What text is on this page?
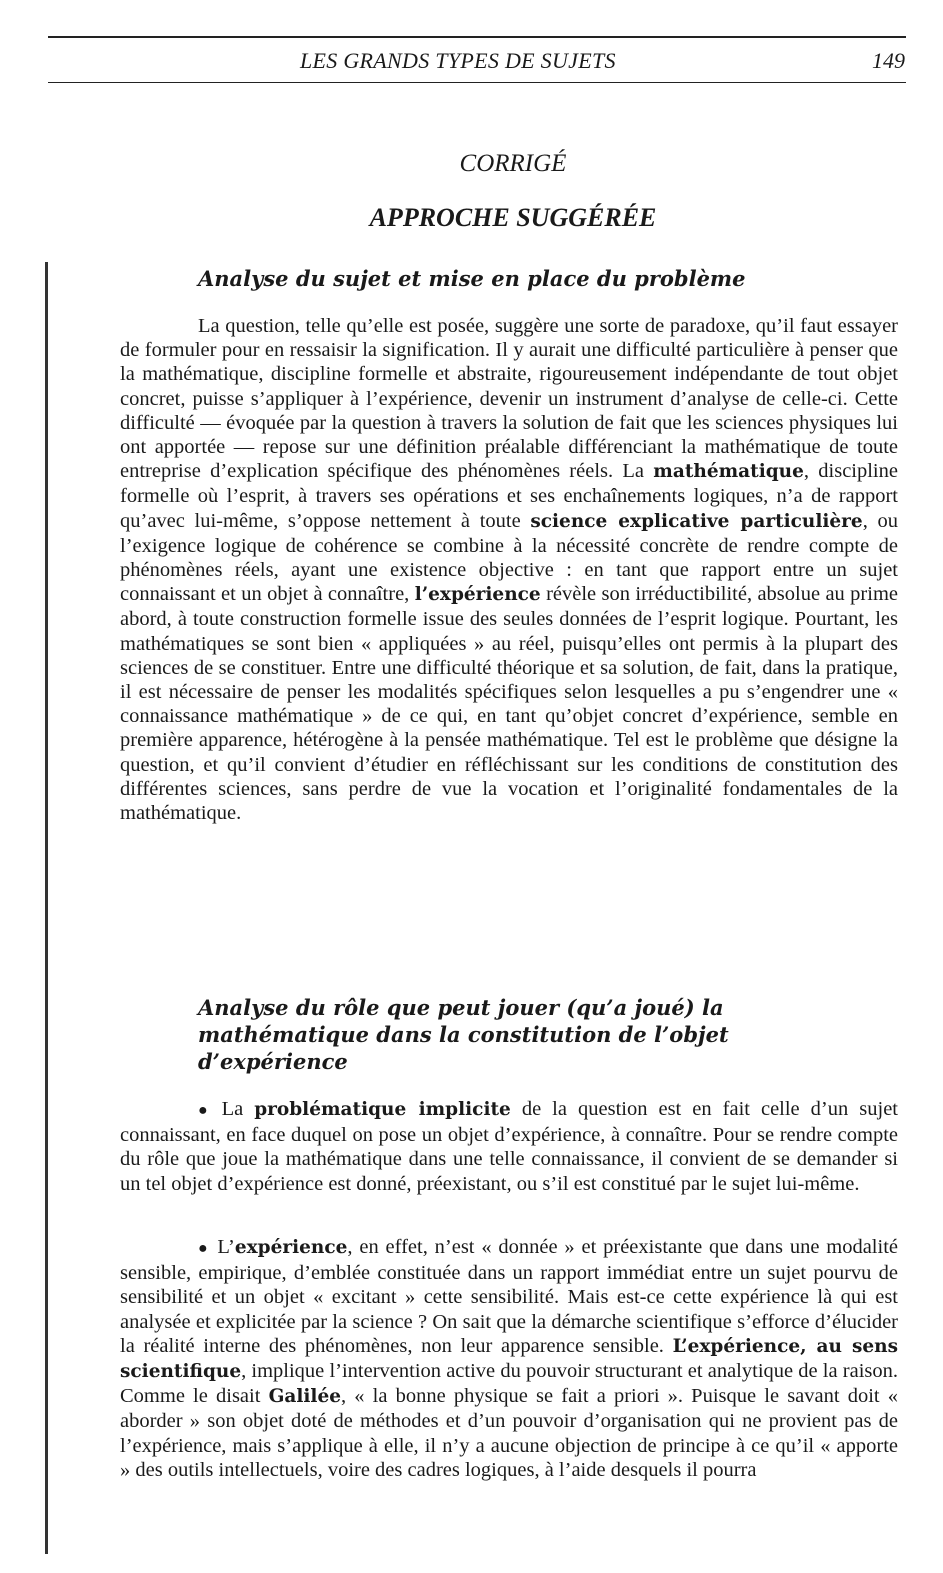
LES GRANDS TYPES DE SUJETS	149
CORRIGÉ
APPROCHE SUGGÉRÉE
Analyse du sujet et mise en place du problème

La question, telle qu’elle est posée, suggère une sorte de paradoxe, qu’il faut essayer de formuler pour en ressaisir la signification. Il y aurait une difficulté particulière à penser que la mathématique, discipline formelle et abstraite, rigoureusement indépendante de tout objet concret, puisse s’appliquer à l’expérience, devenir un instrument d’analyse de celle-ci. Cette difficulté — évoquée par la question à travers la solution de fait que les sciences physiques lui ont apportée — repose sur une définition préalable différenciant la mathématique de toute entreprise d’explication spécifique des phénomènes réels. La mathématique, discipline formelle où l’esprit, à travers ses opérations et ses enchaînements logiques, n’a de rapport qu’avec lui-même, s’oppose nettement à toute science explicative particulière, ou l’exigence logique de cohérence se combine à la nécessité concrète de rendre compte de phénomènes réels, ayant une existence objective : en tant que rapport entre un sujet connaissant et un objet à connaître, l’expérience révèle son irréductibilité, absolue au prime abord, à toute construction formelle issue des seules données de l’esprit logique. Pourtant, les mathématiques se sont bien « appliquées » au réel, puisqu’elles ont permis à la plupart des sciences de se constituer. Entre une difficulté théorique et sa solution, de fait, dans la pratique, il est nécessaire de penser les modalités spécifiques selon lesquelles a pu s’engendrer une « connaissance mathématique » de ce qui, en tant qu’objet concret d’expérience, semble en première apparence, hétérogène à la pensée mathématique. Tel est le problème que désigne la question, et qu’il convient d’étudier en réfléchissant sur les conditions de constitution des différentes sciences, sans perdre de vue la vocation et l’originalité fondamentales de la mathématique.

Analyse du rôle que peut jouer (qu’a joué) la mathématique dans la constitution de l’objet d’expérience

● La problématique implicite de la question est en fait celle d’un sujet connaissant, en face duquel on pose un objet d’expérience, à connaître. Pour se rendre compte du rôle que joue la mathématique dans une telle connaissance, il convient de se demander si un tel objet d’expérience est donné, préexistant, ou s’il est constitué par le sujet lui-même.

● L’expérience, en effet, n’est « donnée » et préexistante que dans une modalité sensible, empirique, d’emblée constituée dans un rapport immédiat entre un sujet pourvu de sensibilité et un objet « excitant » cette sensibilité. Mais est-ce cette expérience là qui est analysée et explicitée par la science ? On sait que la démarche scientifique s’efforce d’élucider la réalité interne des phénomènes, non leur apparence sensible. L’expérience, au sens scientifique, implique l’intervention active du pouvoir structurant et analytique de la raison. Comme le disait Galilée, « la bonne physique se fait a priori ». Puisque le savant doit « aborder » son objet doté de méthodes et d’un pouvoir d’organisation qui ne provient pas de l’expérience, mais s’applique à elle, il n’y a aucune objection de principe à ce qu’il « apporte » des outils intellectuels, voire des cadres logiques, à l’aide desquels il pourra
